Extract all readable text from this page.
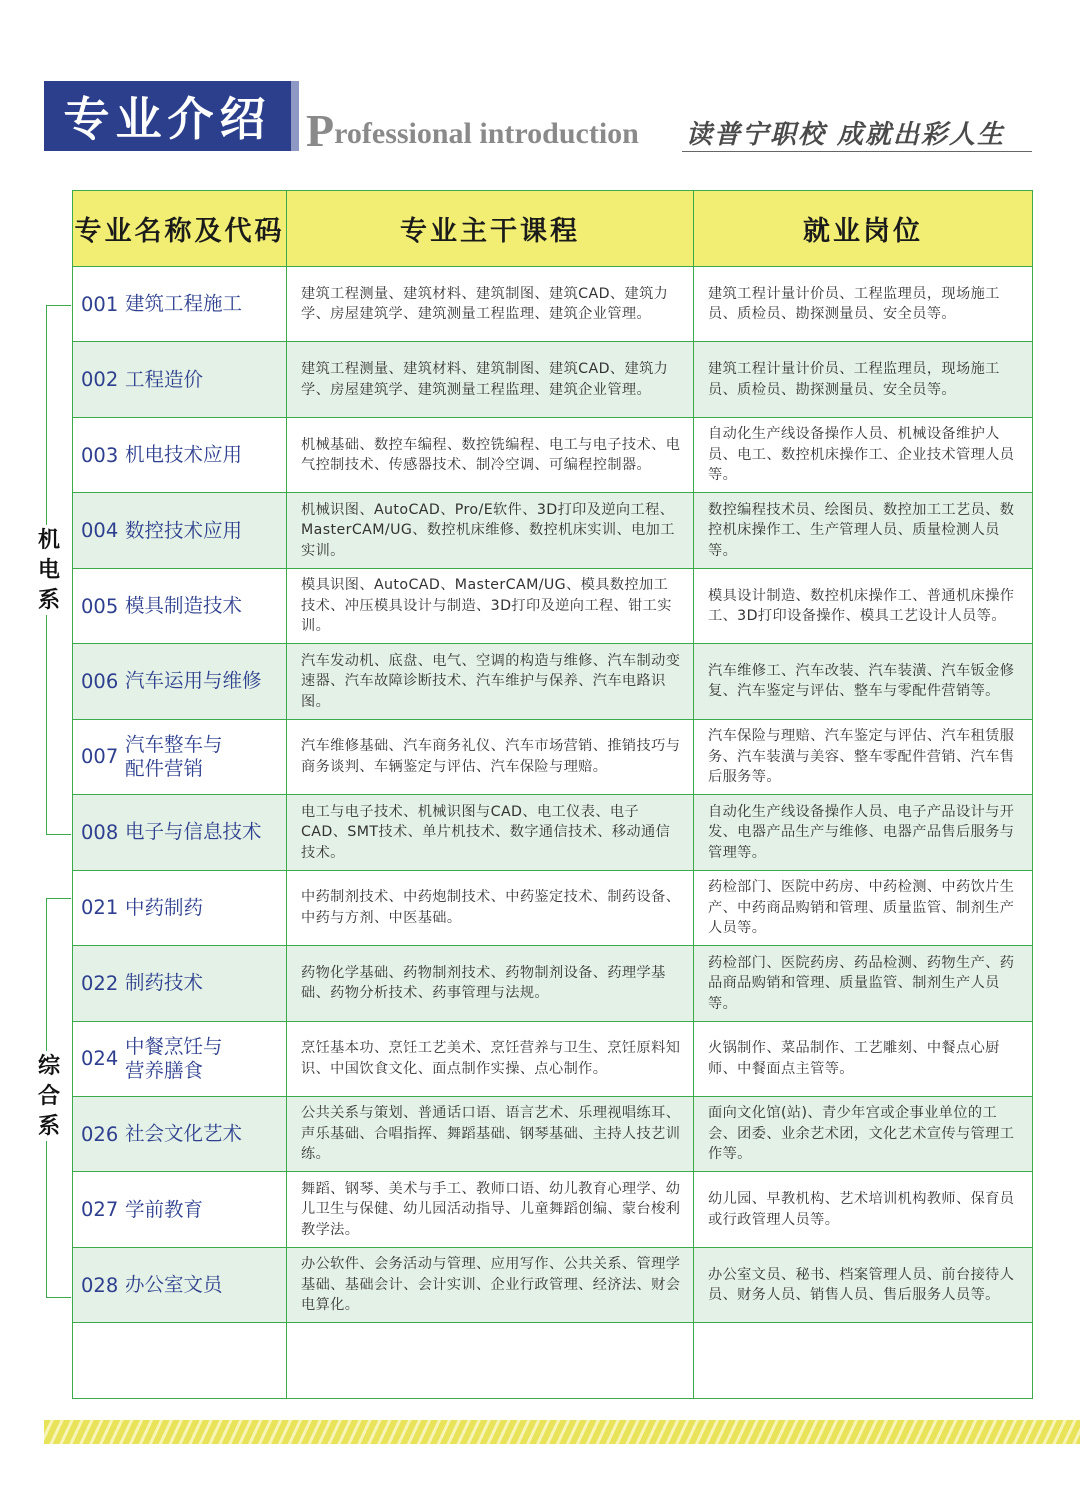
专业介绍 Professional introduction 读普宁职校 成就出彩人生
专业名称及代码	专业主干课程	就业岗位

001 建筑工程施工	建筑工程测量、建筑材料、建筑制图、建筑CAD、建筑力学、房屋建筑学、建筑测量工程监理、建筑企业管理。	建筑工程计量计价员、工程监理员，现场施工员、质检员、勘探测量员、安全员等。

002 工程造价	建筑工程测量、建筑材料、建筑制图、建筑CAD、建筑力学、房屋建筑学、建筑测量工程监理、建筑企业管理。	建筑工程计量计价员、工程监理员，现场施工员、质检员、勘探测量员、安全员等。

003 机电技术应用	机械基础、数控车编程、数控铣编程、电工与电子技术、电气控制技术、传感器技术、制冷空调、可编程控制器。	自动化生产线设备操作人员、机械设备维护人员、电工、数控机床操作工、企业技术管理人员等。

004 数控技术应用	机械识图、AutoCAD、Pro/E软件、3D打印及逆向工程、MasterCAM/UG、数控机床维修、数控机床实训、电加工实训。	数控编程技术员、绘图员、数控加工工艺员、数控机床操作工、生产管理人员、质量检测人员等。

005 模具制造技术	模具识图、AutoCAD、MasterCAM/UG、模具数控加工技术、冲压模具设计与制造、3D打印及逆向工程、钳工实训。	模具设计制造、数控机床操作工、普通机床操作工、3D打印设备操作、模具工艺设计人员等。

006 汽车运用与维修	汽车发动机、底盘、电气、空调的构造与维修、汽车制动变速器、汽车故障诊断技术、汽车维护与保养、汽车电路识图。	汽车维修工、汽车改装、汽车装潢、汽车钣金修复、汽车鉴定与评估、整车与零配件营销等。

007
汽车整车与
配件营销	汽车维修基础、汽车商务礼仪、汽车市场营销、推销技巧与商务谈判、车辆鉴定与评估、汽车保险与理赔。	汽车保险与理赔、汽车鉴定与评估、汽车租赁服务、汽车装潢与美容、整车零配件营销、汽车售后服务等。

008 电子与信息技术	电工与电子技术、机械识图与CAD、电工仪表、电子CAD、SMT技术、单片机技术、数字通信技术、移动通信技术。	自动化生产线设备操作人员、电子产品设计与开发、电器产品生产与维修、电器产品售后服务与管理等。

021 中药制药	中药制剂技术、中药炮制技术、中药鉴定技术、制药设备、中药与方剂、中医基础。	药检部门、医院中药房、中药检测、中药饮片生产、中药商品购销和管理、质量监管、制剂生产人员等。

022 制药技术	药物化学基础、药物制剂技术、药物制剂设备、药理学基础、药物分析技术、药事管理与法规。	药检部门、医院药房、药品检测、药物生产、药品商品购销和管理、质量监管、制剂生产人员等。

024
中餐烹饪与
营养膳食	烹饪基本功、烹饪工艺美术、烹饪营养与卫生、烹饪原料知识、中国饮食文化、面点制作实操、点心制作。	火锅制作、菜品制作、工艺雕刻、中餐点心厨师、中餐面点主管等。

026 社会文化艺术	公共关系与策划、普通话口语、语言艺术、乐理视唱练耳、声乐基础、合唱指挥、舞蹈基础、钢琴基础、主持人技艺训练。	面向文化馆(站)、青少年宫或企事业单位的工会、团委、业余艺术团，文化艺术宣传与管理工作等。

027 学前教育	舞蹈、钢琴、美术与手工、教师口语、幼儿教育心理学、幼儿卫生与保健、幼儿园活动指导、儿童舞蹈创编、蒙台梭利教学法。	幼儿园、早教机构、艺术培训机构教师、保育员或行政管理人员等。

028 办公室文员	办公软件、会务活动与管理、应用写作、公共关系、管理学基础、基础会计、会计实训、企业行政管理、经济法、财会电算化。	办公室文员、秘书、档案管理人员、前台接待人员、财务人员、销售人员、售后服务人员等。

机
电
系
综
合
系
